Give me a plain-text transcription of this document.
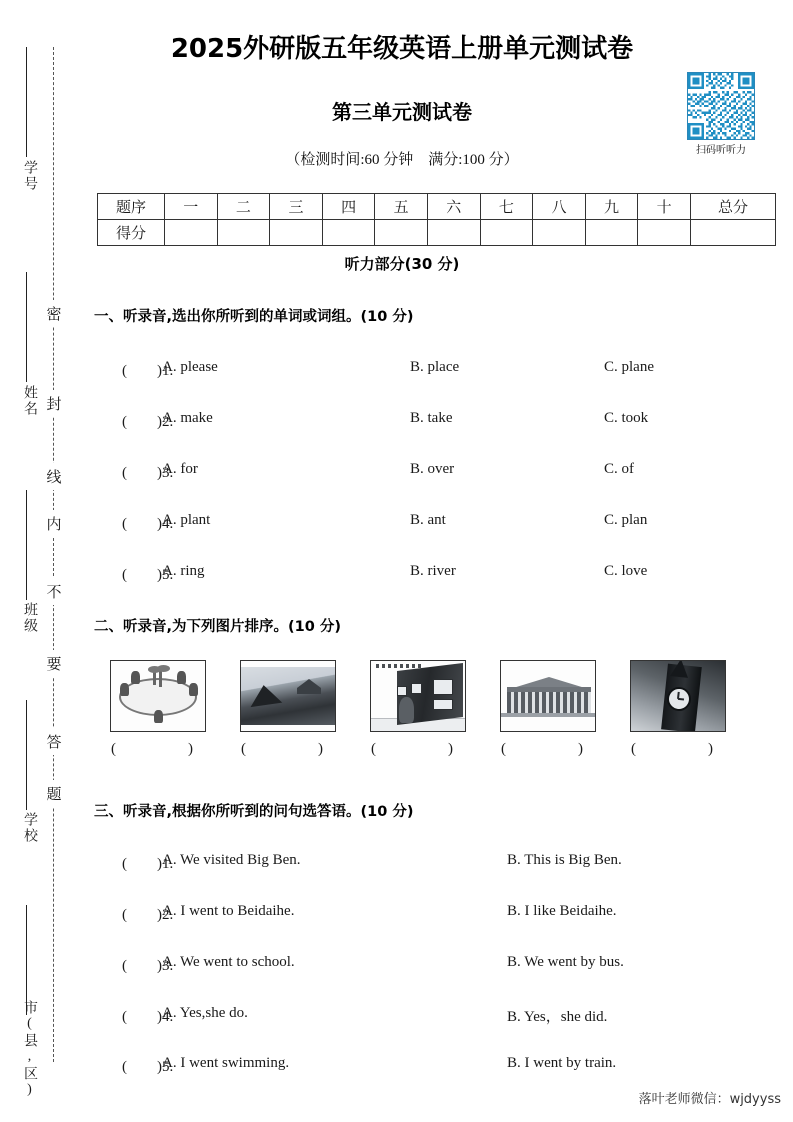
学号
姓名
班级
学校
市(县,区)
密
封
线
内
不
要
答
题
2025外研版五年级英语上册单元测试卷
第三单元测试卷
（检测时间:60 分钟　满分:100 分）
扫码听听力
题序	一	二	三	四	五	六	七	八	九	十	总分
得分											
听力部分(30 分)
一、听录音,选出你所听到的单词或词组。(10 分)
(　　)1.
A. please	B. place	C. plane
(　　)2.
A. make	B. take	C. took
(　　)3.
A. for	B. over	C. of
(　　)4.
A. plant	B. ant	C. plan
(　　)5.
A. ring	B. river	C. love
二、听录音,为下列图片排序。(10 分)
(　　) (　　) (　　) (　　) (　　)
三、听录音,根据你所听到的问句选答语。(10 分)
(　　)1.
A. We visited Big Ben.	B. This is Big Ben.
(　　)2.
A. I went to Beidaihe.	B. I like Beidaihe.
(　　)3.
A. We went to school.	B. We went by bus.
(　　)4.
A. Yes,she do.	B. Yes，she did.
(　　)5.
A. I went swimming.	B. I went by train.
落叶老师微信：wjdyyss
